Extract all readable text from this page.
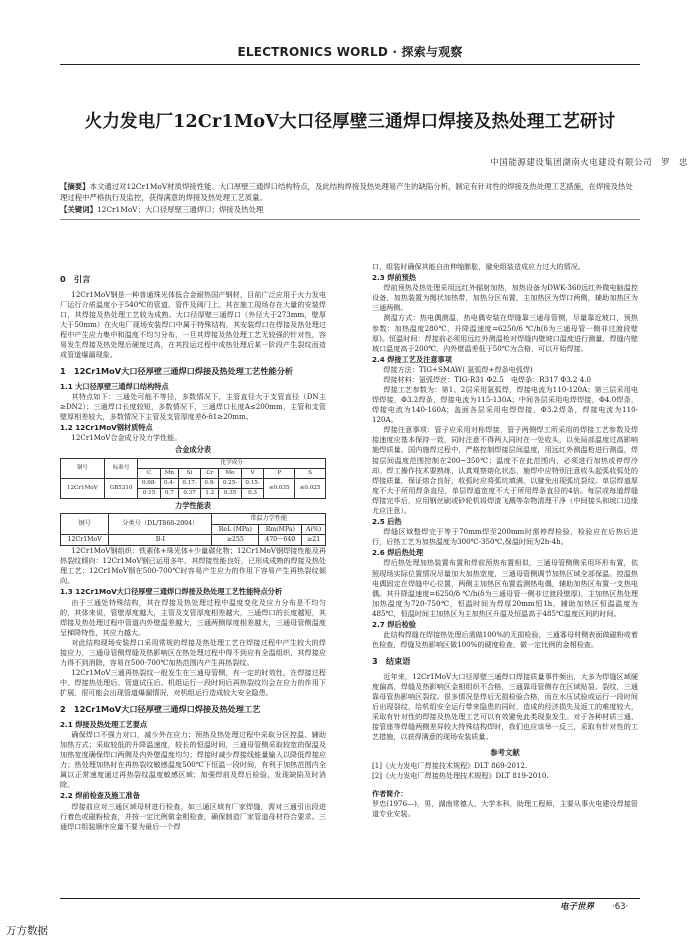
ELECTRONICS WORLD · 探索与观察
火力发电厂12Cr1MoV大口径厚壁三通焊口焊接及热处理工艺研讨
中国能源建设集团湖南火电建设有限公司　罗　忠
【摘要】本文通过对12Cr1MoV材质焊接性能、大口厚壁三通焊口结构特点，及此结构焊接及热处理易产生的缺陷分析，制定有针对性的焊接及热处理工艺措施，在焊接及热处理过程中严格执行及监控，获得满意的焊接及热处理工艺质量。
【关键词】12Cr1MoV；大口径厚壁三通焊口；焊接及热处理
0　引言

12Cr1MoV钢是一种普通珠光体低合金耐热国产钢材，目前广泛应用于火力发电厂运行介质温度小于540℃的管道、管件及阀门上。其在施工现场存在大量的安装焊口，其焊接及热处理工艺较为成熟。大口径厚壁三通焊口（外径大于273mm，壁厚大于50mm）在火电厂现场安装焊口中属于特殊结构，其安装焊口在焊接及热处理过程中产生应力集中和温度不均匀分布，一旦其焊接及热处理工艺无较强的针对性，容易发生焊接及热处理后硬度过高，在其投运过程中或热处理后某一阶段产生裂纹而造成管道爆漏现象。

1　12Cr1MoV大口径厚壁三通焊口焊接及热处理工艺性能分析
1.1 大口径厚壁三通焊口结构特点

其特点如下：三通处可能不等径，多数情况下，主管直径大于支管直径（DN主≥DN2）；三通焊口长度较短，多数情况下，三通焊口长度A≤200mm，主管和支管壁厚相差较大，多数情况下主管及支管厚度差δ-δ1≥20mm。

1.2 12Cr1MoV钢材质特点

12Cr1MoV合金成分及力学性能。

合金成分表
钢号	标准号	化学成分							
		C	Mn	Si	Cr	Mo	V	P	S
12Cr1MoV	GB5310	0.08-	0.4-	0.17-	0.9-	0.25-	0.15-	≤0.035	≤0.025
		0.15	0.7	0.37	1.2	0.35	0.3		
力学性能表
钢号	分类号（DL/T868-2004）	常温力学性能		
		ReL (MPa)	Rm(MPa)	A(%)
12Cr1MoV	B-I	≥255	470～640	≥21

12Cr1MoV钢组织：铁素体+珠光体+少量碳化物；12Cr1MoV钢焊接性能及再热裂纹倾向：12Cr1MoV钢已运用多年，其焊接性能良好，已形成成熟的焊接及热处理工艺；12Cr1MoV钢在500-700℃时容易产生应力的作用下容易产生再热裂纹倾向。

1.3 12Cr1MoV大口径厚壁三通焊口焊接及热处理工艺性能特点分析

由于三通处特殊结构，其在焊接及热处理过程中温度变化及应力分布是不均匀的，其体来说，管壁厚度越大，主管及支管厚度相差越大，三通焊口的长度越短，其焊接及热处理过程中管道内外壁温差越大，三通两侧厚度相差越大，三通母管侧温度呈梯降特性，其应力越大。

对此结构现场安装焊口采用常规的焊接及热处理工艺在焊接过程中产生较大的焊接应力，三通母管侧焊缝及热影响区在热处理过程中得不到应有全温组织，其焊接应力得不到消除，容易在500-700℃加热范围内产生再热裂纹。

12Cr1MoV三通再热裂纹一般发生在三通母管侧，有一定的时效性，在焊接过程中、焊接热处理后、管道试压后、机组运行一段时间后再热裂纹均会在应力的作用下扩展，很可能会出现管道爆漏情况，对机组运行造成较大安全隐患。

2　12Cr1MoV大口径厚壁三通焊口焊接及热处理工艺
2.1 焊接及热处理工艺要点

确保焊口不强力对口，减少外在应力；预热及热处理过程中采取分区控温、辅助加热方式；采取较低的升降温速度，较长的恒温时间，三通母管侧采取较宽的保温及加热宽度确保焊口两侧及内外壁温度均匀；焊接时减少焊接线能量输入以降低焊接应力；热处理加热时在再热裂纹敏感温度500℃下恒温一段时间，有利于加热范围内全属以正常速度通过再热裂纹温度敏感区域；加强焊前及焊后检验，发现缺陷及时消除。

2.2 焊前检查及施工准备

焊接前应对三通区域母材进行检查，如三通区域有厂家焊缝，需对三通引出段进行着色或磁粉检查，并按一定比例做金相检查，确保制造厂家管道母材符合要求。三通焊口组装顺序应量不要为最后一个焊

口，组装时确保其能自由伸缩膨胀，避免组装造成应力过大的情况。

2.3 焊前预热

焊前预热及热处理采用远红外辐射加热，加热设备为DWK-360远红外微电脑温控设备，加热装置为绳状加热带，加热分区布置，主加热区为焊口两侧，辅助加热区为三通两侧。

测温方式：热电偶测温，热电偶安装在焊缝靠三通母管侧，尽量靠近坡口，预热参数：加热温度280℃，升降温速度=6250/δ ℃/h(δ为三通母管一侧非过渡段壁厚)。恒温时间：焊接前必须用远红外测温枪对焊缝内壁坡口温度进行测量，焊缝内壁坡口温度高于200℃，内外壁温差低于50℃为合格，可以开始焊接。

2.4 焊接工艺及注意事项

焊接方法：TIG+SMAW( 氩弧焊+焊条电弧焊)

焊接材料：氩弧焊丝：TIG-R31 Φ2.5　电焊条：R317 Φ3.2 4.0

焊接工艺参数为：第1、2层采用氩弧焊，焊接电流为110-120A；第三层采用电焊焊接，Φ3.2焊条，焊接电流为115-130A；中间各层采用电焊焊接，Φ4.0焊条，焊接电流为140-160A；盖面各层采用电焊焊接，Φ3.2焊条，焊接电流为110-120A。

焊接注意事项：管子应采用对称焊接，管子两侧焊工所采用的焊接工艺参数及焊接速度应基本保持一致，同时注意不得两人同时在一处收头，以免局部温度过高影响施焊质量。国内施焊过程中，严格控制焊接层间温度，用远红外测温枪进行测温，焊接层间温度范围控制在200~350℃；温度不在此范围内，必须进行加热或停焊冷却。焊工操作技术要熟练，认真观察熔化状态，施焊中应特别注意收头起弧收弧处的焊接质量，保证熔合良好，收弧时应将弧坑填满，以避免出现弧坑裂纹。单层焊道厚度不大于所用焊条直径，单层焊道宽度不大于所用焊条直径的4倍。每层或每道焊缝焊接完毕后，应用钢丝刷或砂轮机将焊渣飞溅等杂物清理干净（中间接头和坡口边缘尤应注意）。

2.5 后热

焊缝区域整焊完于等于70mm焊至200mm时需停焊检验，检验应在后热后进行，后热工艺为加热温度为300℃-350℃,保温时间为2h-4h。

2.6 焊后热处理

焊后热处理加热装置布置和焊前预热布置相似，三通母管侧侧采用环形布置，依照现场实际位置情况尽量加大加热宽度，三通母管侧调节加热区域全部保温。控温热电偶固定在焊缝中心位置，两侧主加热区布置监测热电偶，辅助加热区布置一支热电偶。其升降温速度=6250/δ ℃/h(δ为三通母管一侧非过渡段壁厚)，主加热区热处理加热温度为720-750℃，恒温时间为焊厚20mm恒1h，辅助加热区恒温温度为485℃，恒温时间主加热区为主加热区升温及恒温高于485℃温度区间的时间。

2.7 焊后检验

此结构焊缝在焊接热处理后需做100%的无损检验，三通寡母材侧表面做磁粉或着色检查，焊缝及热影响区做100%的硬度检查，做一定比例的金相检查。

3　结束语

近年来，12Cr1MoV大口径厚壁三通焊口焊接质量事件频出，大多为焊缝区域硬度偏高，焊缝及热影响区金相组织不合格，三通靠母管侧存在区域贴裂、裂纹，三通靠母管热影响区裂纹。很多情况是焊后无损检验合格，而在水压试验或运行一段时间后出现裂纹，给机组安全运行带来隐患的同时，造成的经济损失及返工的难度较大，采取有针对性的焊接及热处理工艺可以有效避免此类现象发生。对于各种材质三通、接管座等焊缝两侧差异较大特殊结构焊时，我们也应该举一反三，采取有针对性的工艺措施，以获得满意的现场安装质量。

参考文献

[1]《火力发电厂焊接技术规程》DLT 869-2012.

[2]《火力发电厂焊接热处理技术规程》DLT 819-2010.

作者简介：
罗忠(1976—)，男，湖南常德人，大学本科，助理工程师，主要从事火电建设焊接管道专业安装。
电子世界 ·63·
万方数据
